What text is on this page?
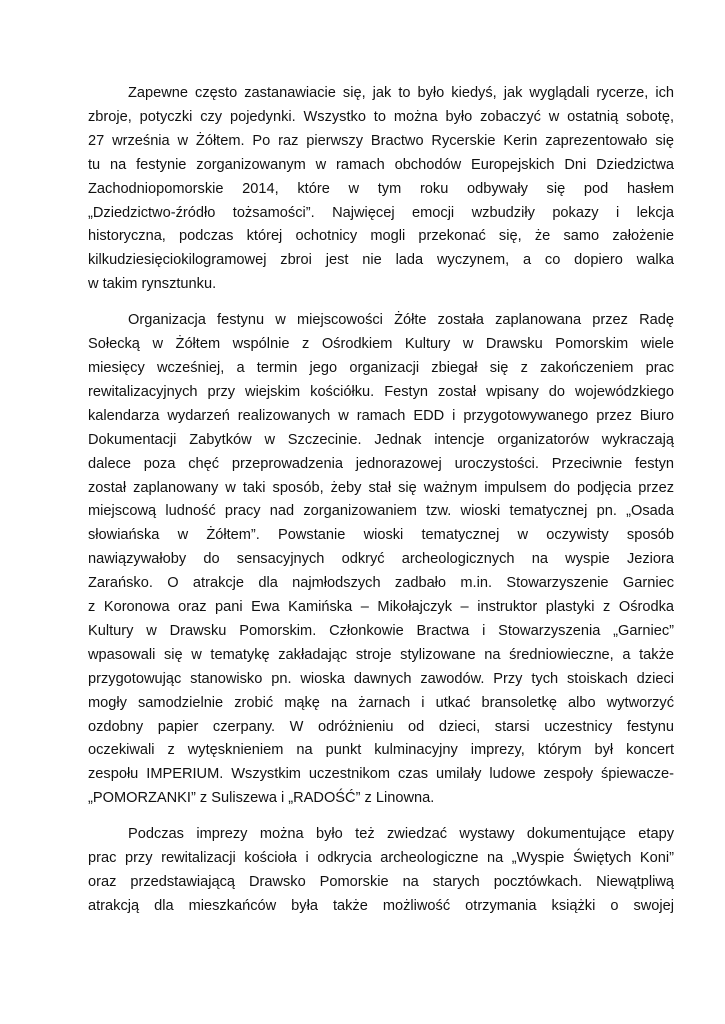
Zapewne często zastanawiacie się, jak to było kiedyś, jak wyglądali rycerze, ich
zbroje, potyczki czy pojedynki. Wszystko to można było zobaczyć w ostatnią sobotę,
27 września w Żółtem. Po raz pierwszy Bractwo Rycerskie Kerin zaprezentowało się
tu na festynie zorganizowanym w ramach obchodów Europejskich Dni Dziedzictwa
Zachodniopomorskie 2014, które w tym roku odbywały się pod hasłem
„Dziedzictwo-źródło tożsamości”. Najwięcej emocji wzbudziły pokazy i lekcja
historyczna, podczas której ochotnicy mogli przekonać się, że samo założenie
kilkudziesięciokilogramowej zbroi jest nie lada wyczynem, a co dopiero walka
w takim rynsztunku.
Organizacja festynu w miejscowości Żółte została zaplanowana przez Radę
Sołecką w Żółtem wspólnie z Ośrodkiem Kultury w Drawsku Pomorskim wiele
miesięcy wcześniej, a termin jego organizacji zbiegał się z zakończeniem prac
rewitalizacyjnych przy wiejskim kościółku. Festyn został wpisany do wojewódzkiego
kalendarza wydarzeń realizowanych w ramach EDD i przygotowywanego przez Biuro
Dokumentacji Zabytków w Szczecinie. Jednak intencje organizatorów wykraczają
dalece poza chęć przeprowadzenia jednorazowej uroczystości. Przeciwnie festyn
został zaplanowany w taki sposób, żeby stał się ważnym impulsem do podjęcia przez
miejscową ludność pracy nad zorganizowaniem tzw. wioski tematycznej pn. „Osada
słowiańska w Żółtem”. Powstanie wioski tematycznej w oczywisty sposób
nawiązywałoby do sensacyjnych odkryć archeologicznych na wyspie Jeziora
Zarańsko. O atrakcje dla najmłodszych zadbało m.in. Stowarzyszenie Garniec
z Koronowa oraz pani Ewa Kamińska – Mikołajczyk – instruktor plastyki z Ośrodka
Kultury w Drawsku Pomorskim. Członkowie Bractwa i Stowarzyszenia „Garniec”
wpasowali się w tematykę zakładając stroje stylizowane na średniowieczne, a także
przygotowując stanowisko pn. wioska dawnych zawodów. Przy tych stoiskach dzieci
mogły samodzielnie zrobić mąkę na żarnach i utkać bransoletkę albo wytworzyć
ozdobny papier czerpany. W odróżnieniu od dzieci, starsi uczestnicy festynu
oczekiwali z wytęsknieniem na punkt kulminacyjny imprezy, którym był koncert
zespołu IMPERIUM. Wszystkim uczestnikom czas umilały ludowe zespoły śpiewacze-
„POMORZANKI” z Suliszewa i „RADOŚĆ” z Linowna.
Podczas imprezy można było też zwiedzać wystawy dokumentujące etapy
prac przy rewitalizacji kościoła i odkrycia archeologiczne na „Wyspie Świętych Koni”
oraz przedstawiającą Drawsko Pomorskie na starych pocztówkach. Niewątpliwą
atrakcją dla mieszkańców była także możliwość otrzymania książki o swojej
